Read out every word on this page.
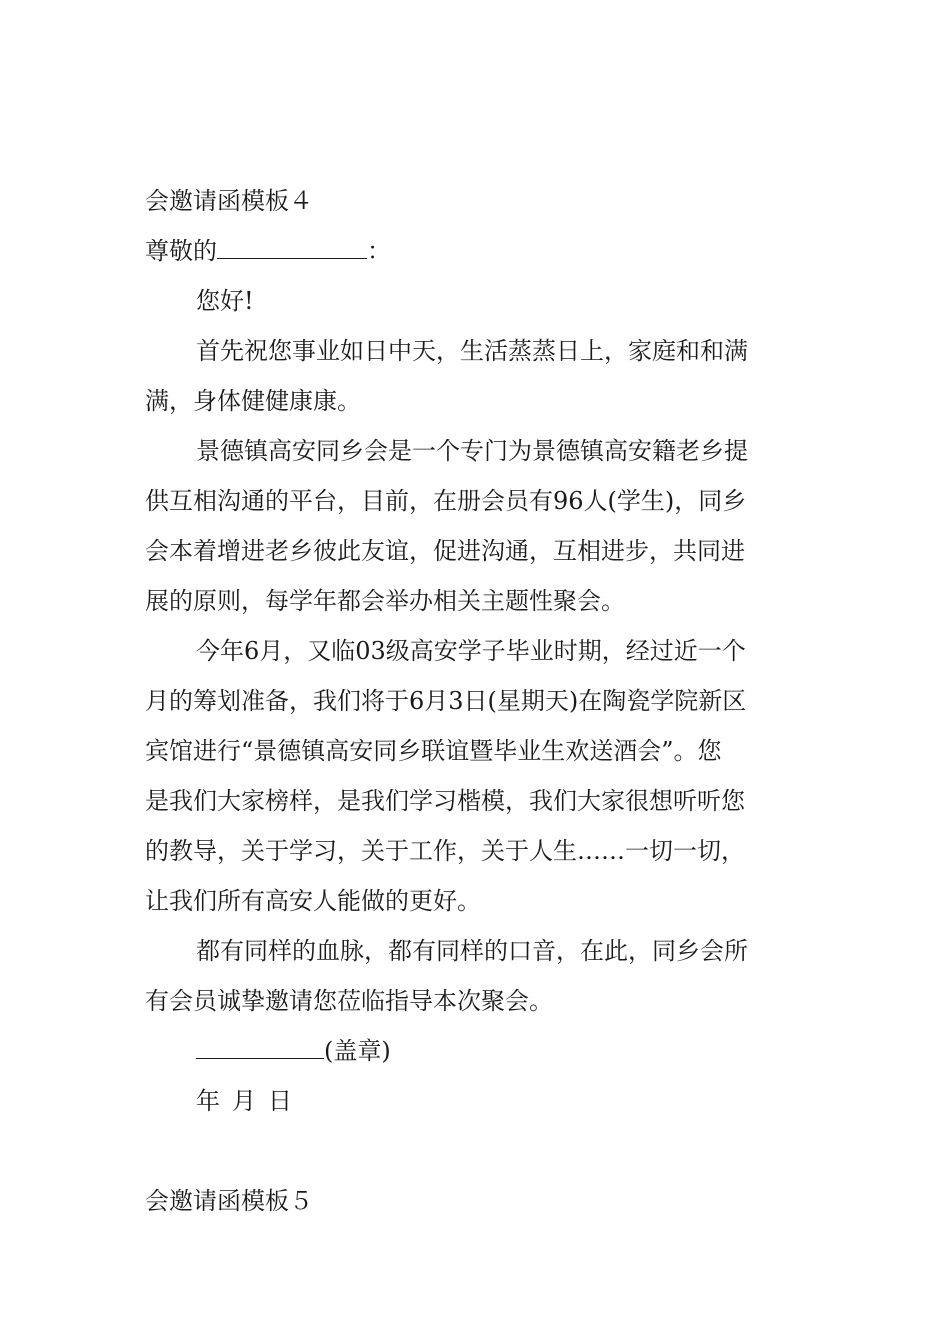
会邀请函模板４
尊敬的	：
您好!
首先祝您事业如日中天，生活蒸蒸日上，家庭和和满
满，身体健健康康。
景德镇高安同乡会是一个专门为景德镇高安籍老乡提
供互相沟通的平台，目前，在册会员有96人(学生)，同乡
会本着增进老乡彼此友谊，促进沟通，互相进步，共同进
展的原则，每学年都会举办相关主题性聚会。
今年6月，又临03级高安学子毕业时期，经过近一个
月的筹划准备，我们将于6月3日(星期天)在陶瓷学院新区
宾馆进行“景德镇高安同乡联谊暨毕业生欢送酒会”。您
是我们大家榜样，是我们学习楷模，我们大家很想听听您
的教导，关于学习，关于工作，关于人生……一切一切，
让我们所有高安人能做的更好。
都有同样的血脉，都有同样的口音，在此，同乡会所
有会员诚挚邀请您莅临指导本次聚会。
(盖章)
年 月 日
会邀请函模板５
